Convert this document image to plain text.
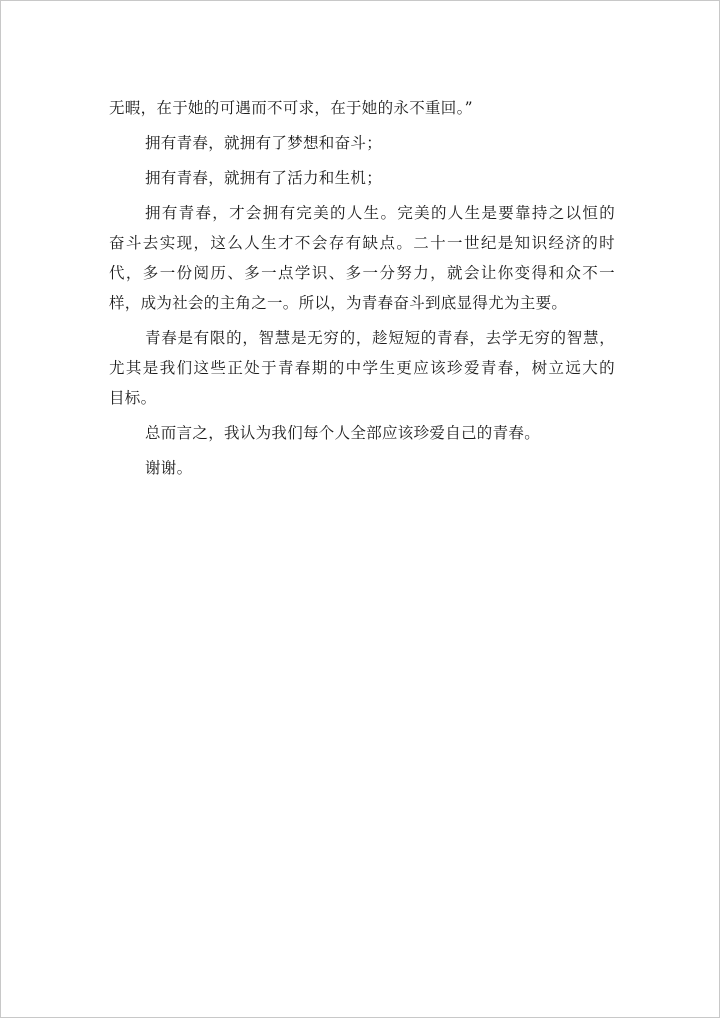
无暇，在于她的可遇而不可求，在于她的永不重回。”
拥有青春，就拥有了梦想和奋斗；
拥有青春，就拥有了活力和生机；
拥有青春，才会拥有完美的人生。完美的人生是要靠持之以恒的
奋斗去实现，这么人生才不会存有缺点。二十一世纪是知识经济的时
代，多一份阅历、多一点学识、多一分努力，就会让你变得和众不一
样，成为社会的主角之一。所以，为青春奋斗到底显得尤为主要。
青春是有限的，智慧是无穷的，趁短短的青春，去学无穷的智慧，
尤其是我们这些正处于青春期的中学生更应该珍爱青春，树立远大的
目标。
总而言之，我认为我们每个人全部应该珍爱自己的青春。
谢谢。
